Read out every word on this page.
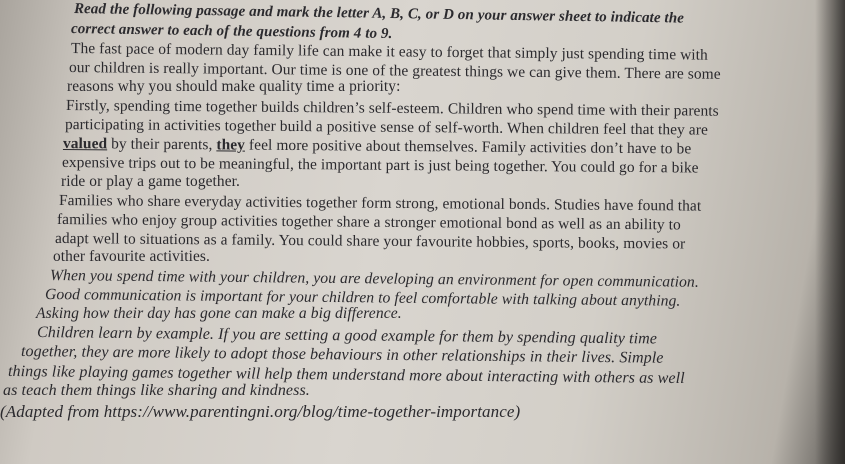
Read the following passage and mark the letter A, B, C, or D on your answer sheet to indicate the
correct answer to each of the questions from 4 to 9.
The fast pace of modern day family life can make it easy to forget that simply just spending time with
our children is really important. Our time is one of the greatest things we can give them. There are some
reasons why you should make quality time a priority:
Firstly, spending time together builds children’s self-esteem. Children who spend time with their parents
participating in activities together build a positive sense of self-worth. When children feel that they are
valued by their parents, they feel more positive about themselves. Family activities don’t have to be
expensive trips out to be meaningful, the important part is just being together. You could go for a bike
ride or play a game together.
Families who share everyday activities together form strong, emotional bonds. Studies have found that
families who enjoy group activities together share a stronger emotional bond as well as an ability to
adapt well to situations as a family. You could share your favourite hobbies, sports, books, movies or
other favourite activities.
When you spend time with your children, you are developing an environment for open communication.
Good communication is important for your children to feel comfortable with talking about anything.
Asking how their day has gone can make a big difference.
Children learn by example. If you are setting a good example for them by spending quality time
together, they are more likely to adopt those behaviours in other relationships in their lives. Simple
things like playing games together will help them understand more about interacting with others as well
as teach them things like sharing and kindness.
(Adapted from https://www.parentingni.org/blog/time-together-importance)
